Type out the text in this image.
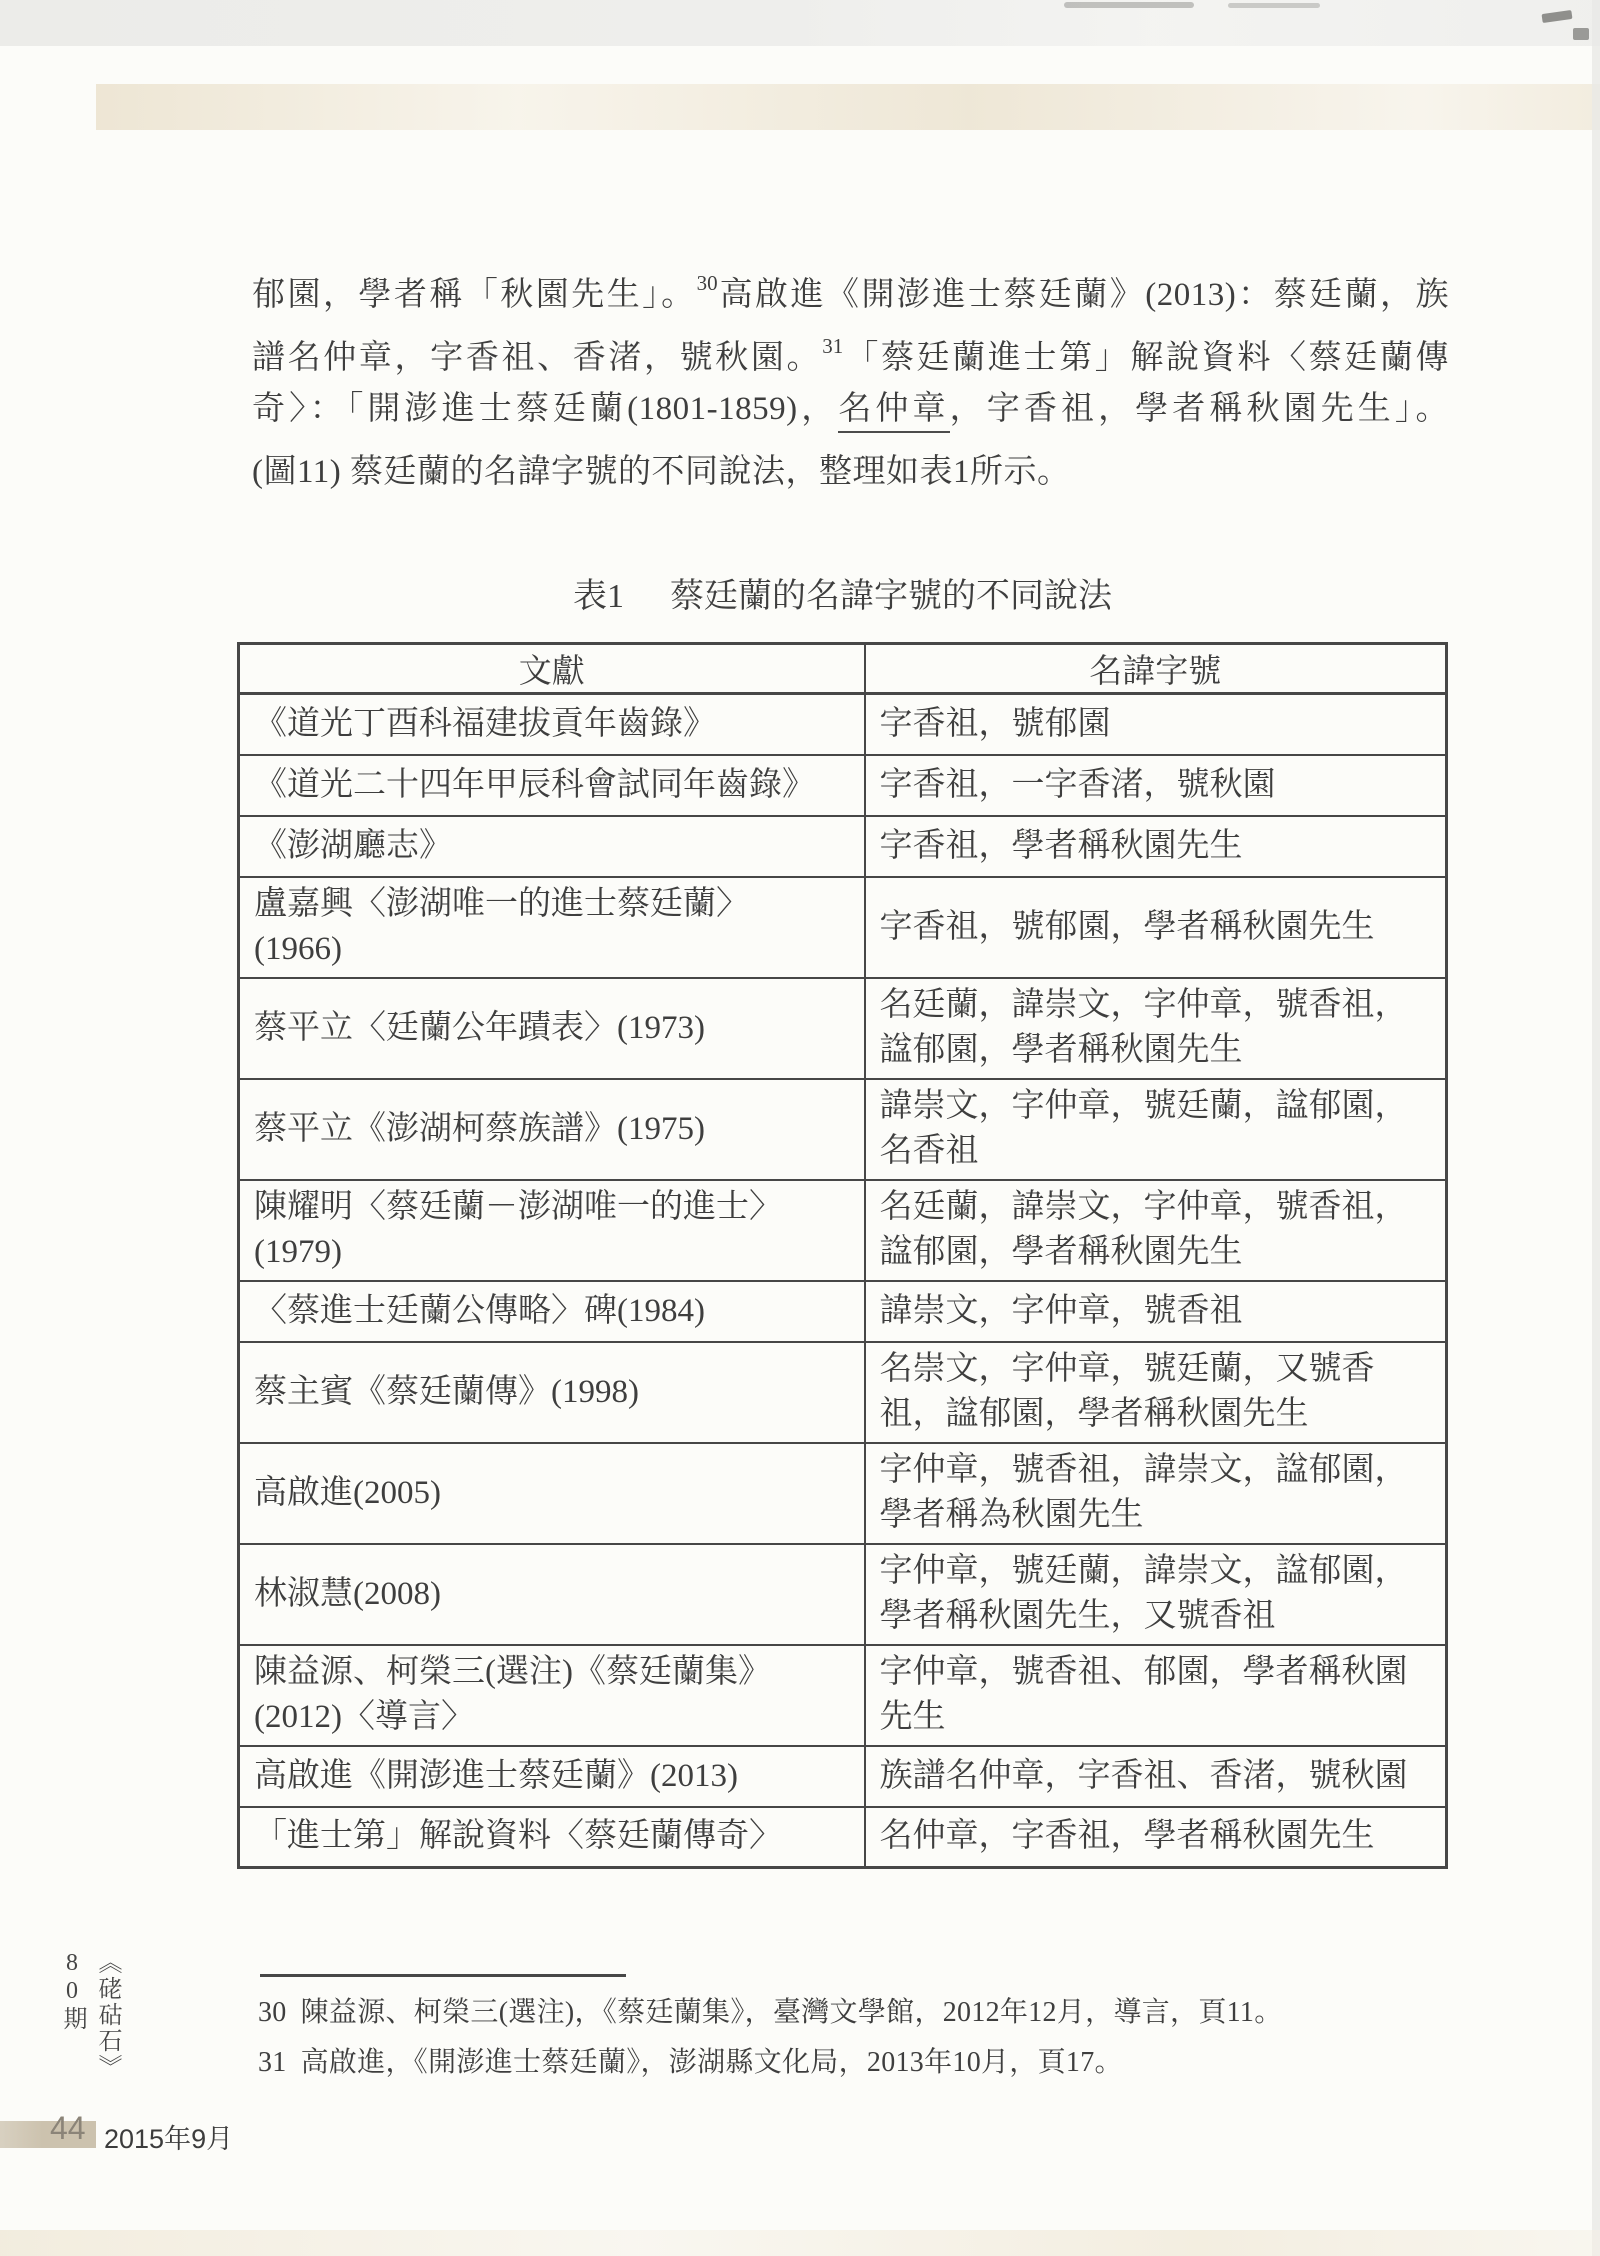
郁園，學者稱「秋園先生」。$^{30}$高啟進《開澎進士蔡廷蘭》(2013)：蔡廷蘭，族
譜名仲章，字香祖、香渚，號秋園。$^{31}$「蔡廷蘭進士第」解說資料〈蔡廷蘭傳
奇〉：「開澎進士蔡廷蘭(1801-1859)，名仲章，字香祖，學者稱秋園先生」。
(圖11) 蔡廷蘭的名諱字號的不同說法，整理如表1所示。
表1 蔡廷蘭的名諱字號的不同說法
文獻	名諱字號

《道光丁酉科福建拔貢年齒錄》	字香祖，號郁園

《道光二十四年甲辰科會試同年齒錄》	字香祖，一字香渚，號秋園

《澎湖廳志》	字香祖，學者稱秋園先生

盧嘉興〈澎湖唯一的進士蔡廷蘭〉
(1966)	字香祖，號郁園，學者稱秋園先生

蔡平立〈廷蘭公年蹟表〉(1973)	名廷蘭，諱崇文，字仲章，號香祖，諡郁園，學者稱秋園先生

蔡平立《澎湖柯蔡族譜》(1975)	諱崇文，字仲章，號廷蘭，諡郁園，名香祖

陳耀明〈蔡廷蘭－澎湖唯一的進士〉
(1979)	名廷蘭，諱崇文，字仲章，號香祖，諡郁園，學者稱秋園先生

〈蔡進士廷蘭公傳略〉碑(1984)	諱崇文，字仲章，號香祖

蔡主賓《蔡廷蘭傳》(1998)	名崇文，字仲章，號廷蘭，又號香祖，諡郁園，學者稱秋園先生

高啟進(2005)	字仲章，號香祖，諱崇文，諡郁園，學者稱為秋園先生

林淑慧(2008)	字仲章，號廷蘭，諱崇文，諡郁園，學者稱秋園先生，又號香祖

陳益源、柯榮三(選注)《蔡廷蘭集》
(2012)〈導言〉	字仲章，號香祖、郁園，學者稱秋園先生

高啟進《開澎進士蔡廷蘭》(2013)	族譜名仲章，字香祖、香渚，號秋園

「進士第」解說資料〈蔡廷蘭傳奇〉	名仲章，字香祖，學者稱秋園先生
30 陳益源、柯榮三(選注)，《蔡廷蘭集》，臺灣文學館，2012年12月，導言，頁11。
31 高啟進，《開澎進士蔡廷蘭》，澎湖縣文化局，2013年10月，頁17。
《硓𥑮石》80期
44 2015年9月
